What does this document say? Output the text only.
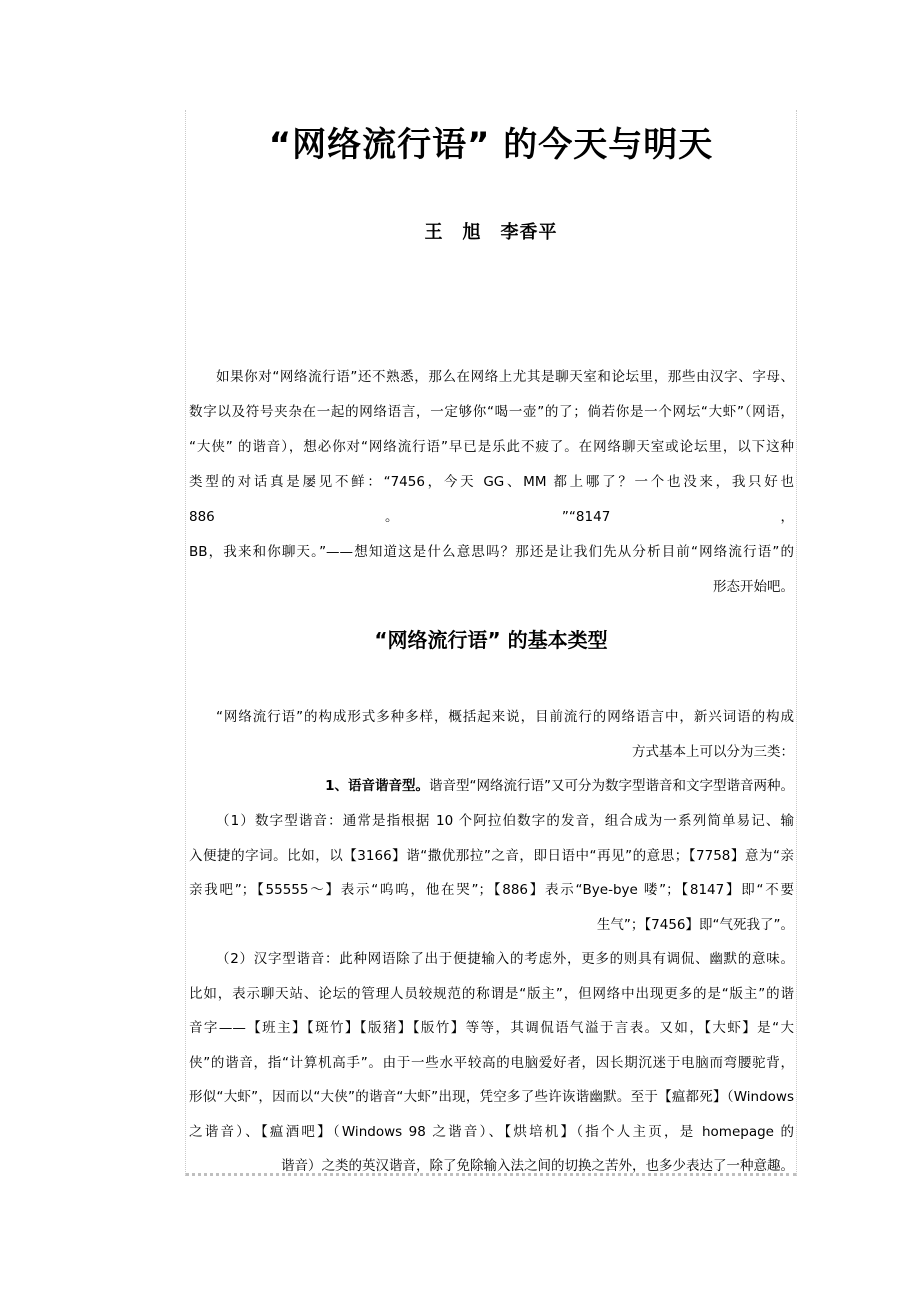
“网络流行语” 的今天与明天
王　旭　李香平
“网络流行语” 的基本类型
如果你对“网络流行语”还不熟悉，那么在网络上尤其是聊天室和论坛里，那些由汉字、字母、
数字以及符号夹杂在一起的网络语言，一定够你“喝一壶”的了；倘若你是一个网坛“大虾”（网语，
“大侠” 的谐音），想必你对“网络流行语”早已是乐此不疲了。在网络聊天室或论坛里，以下这种
类型的对话真是屡见不鲜：“7456，今天 GG、MM 都上哪了？一个也没来，我只好也 886。”“8147，
BB，我来和你聊天。”——想知道这是什么意思吗？那还是让我们先从分析目前“网络流行语”的
形态开始吧。
“网络流行语”的构成形式多种多样，概括起来说，目前流行的网络语言中，新兴词语的构成
方式基本上可以分为三类：
1、语音谐音型。谐音型“网络流行语”又可分为数字型谐音和文字型谐音两种。
（1）数字型谐音：通常是指根据 10 个阿拉伯数字的发音，组合成为一系列简单易记、输
入便捷的字词。比如，以【3166】谐“撒优那拉”之音，即日语中“再见”的意思；【7758】意为“亲
亲我吧”；【55555～】表示“呜呜，他在哭”；【886】表示“Bye-bye 喽”；【8147】即“不要
生气”；【7456】即“气死我了”。
（2）汉字型谐音：此种网语除了出于便捷输入的考虑外，更多的则具有调侃、幽默的意味。
比如，表示聊天站、论坛的管理人员较规范的称谓是“版主”，但网络中出现更多的是“版主”的谐
音字——【班主】【斑竹】【版猪】【版竹】等等，其调侃语气溢于言表。又如，【大虾】是“大
侠”的谐音，指“计算机高手”。由于一些水平较高的电脑爱好者，因长期沉迷于电脑而弯腰驼背，
形似“大虾”，因而以“大侠”的谐音“大虾”出现，凭空多了些许诙谐幽默。至于【瘟都死】（Windows
之谐音）、【瘟酒吧】（Windows 98 之谐音）、【烘培机】（指个人主页，是 homepage 的
谐音）之类的英汉谐音，除了免除输入法之间的切换之苦外，也多少表达了一种意趣。
